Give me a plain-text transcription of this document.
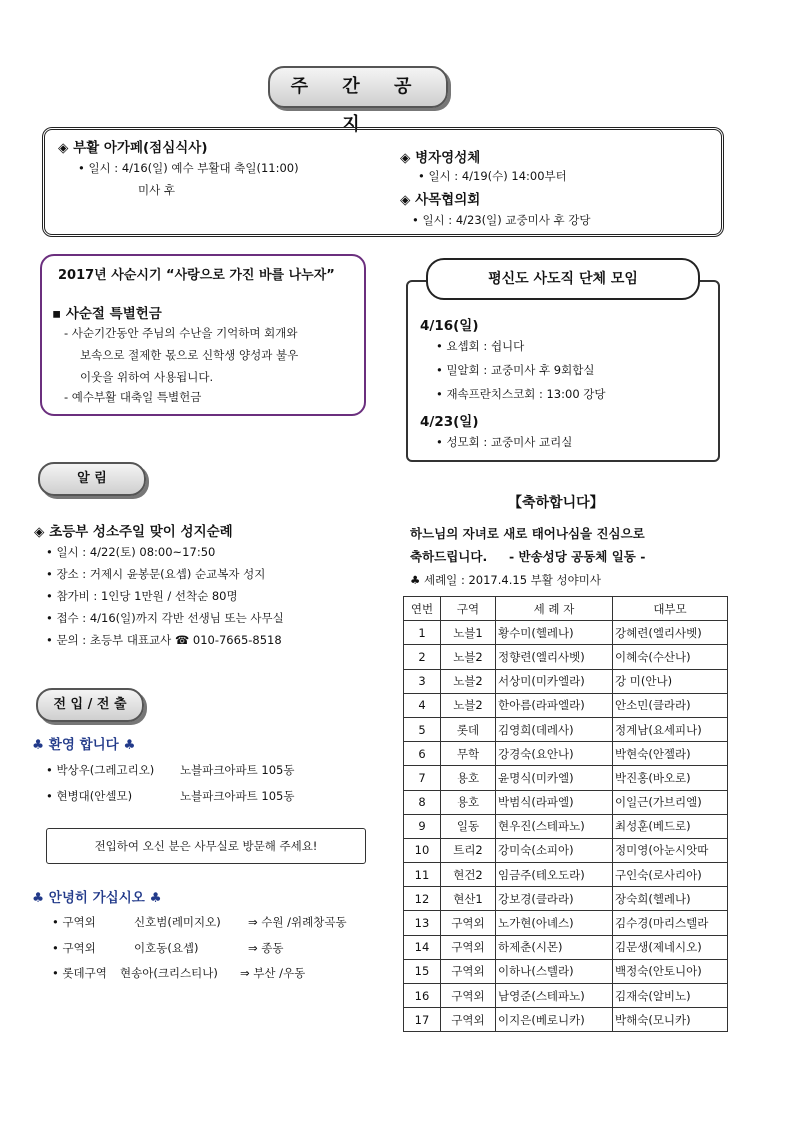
주 간 공 지
◈ 부활 아가페(점심식사)
• 일시 : 4/16(일) 예수 부활대 축일(11:00)
미사 후
◈ 병자영성체
• 일시 : 4/19(수) 14:00부터
◈ 사목협의회
• 일시 : 4/23(일) 교중미사 후 강당
2017년 사순시기 “사랑으로 가진 바를 나누자”
▪ 사순절 특별헌금
- 사순기간동안 주님의 수난을 기억하며 회개와
보속으로 절제한 몫으로 신학생 양성과 불우
이웃을 위하여 사용됩니다.
- 예수부활 대축일 특별헌금
평신도 사도직 단체 모임
4/16(일)
• 요셉회 : 쉽니다
• 밀알회 : 교중미사 후 9회합실
• 재속프란치스코회 : 13:00 강당
4/23(일)
• 성모회 : 교중미사 교리실
알 림
◈ 초등부 성소주일 맞이 성지순례
• 일시 : 4/22(토) 08:00~17:50
• 장소 : 거제시 윤봉문(요셉) 순교복자 성지
• 참가비 : 1인당 1만원 / 선착순 80명
• 접수 : 4/16(일)까지 각반 선생님 또는 사무실
• 문의 : 초등부 대표교사 ☎ 010-7665-8518
전 입 / 전 출
♣ 환영 합니다 ♣
• 박상우(그레고리오) 노블파크아파트 105동
• 현병대(안셀모)	노블파크아파트 105동
전입하여 오신 분은 사무실로 방문해 주세요!
♣ 안녕히 가십시오 ♣
• 구역외	신호범(레미지오) ⇒ 수원 /위례창곡동
• 구역외	이호동(요셉)	⇒ 종동
• 롯데구역 현송아(크리스티나) ⇒ 부산 /우동
【축하합니다】
하느님의 자녀로 새로 태어나심을 진심으로
축하드립니다.     - 반송성당 공동체 일동 -
♣ 세례일 : 2017.4.15 부활 성야미사
연번	구역	세 례 자	대부모
1	노블1	황수미(헬레나)	강혜련(엘리사벳)
2	노블2	정향련(엘리사벳)	이혜숙(수산나)
3	노블2	서상미(미카엘라)	강 미(안나)
4	노블2	한아름(라파엘라)	안소민(클라라)
5	롯데	김영희(데레사)	정계남(요세피나)
6	무학	강경숙(요안나)	박현숙(안젤라)
7	용호	윤명식(미카엘)	박진홍(바오로)
8	용호	박범식(라파엘)	이일근(가브리엘)
9	일동	현우진(스테파노)	최성훈(베드로)
10	트리2	강미숙(소피아)	정미영(아눈시앗따
11	현건2	임금주(테오도라)	구인숙(로사리아)
12	현산1	강보경(클라라)	장숙희(헬레나)
13	구역외	노가현(아녜스)	김수경(마리스텔라
14	구역외	하제춘(시몬)	김문생(제네시오)
15	구역외	이하나(스텔라)	백정숙(안토니아)
16	구역외	남영준(스테파노)	김재숙(알비노)
17	구역외	이지은(베로니카)	박해숙(모니카)
